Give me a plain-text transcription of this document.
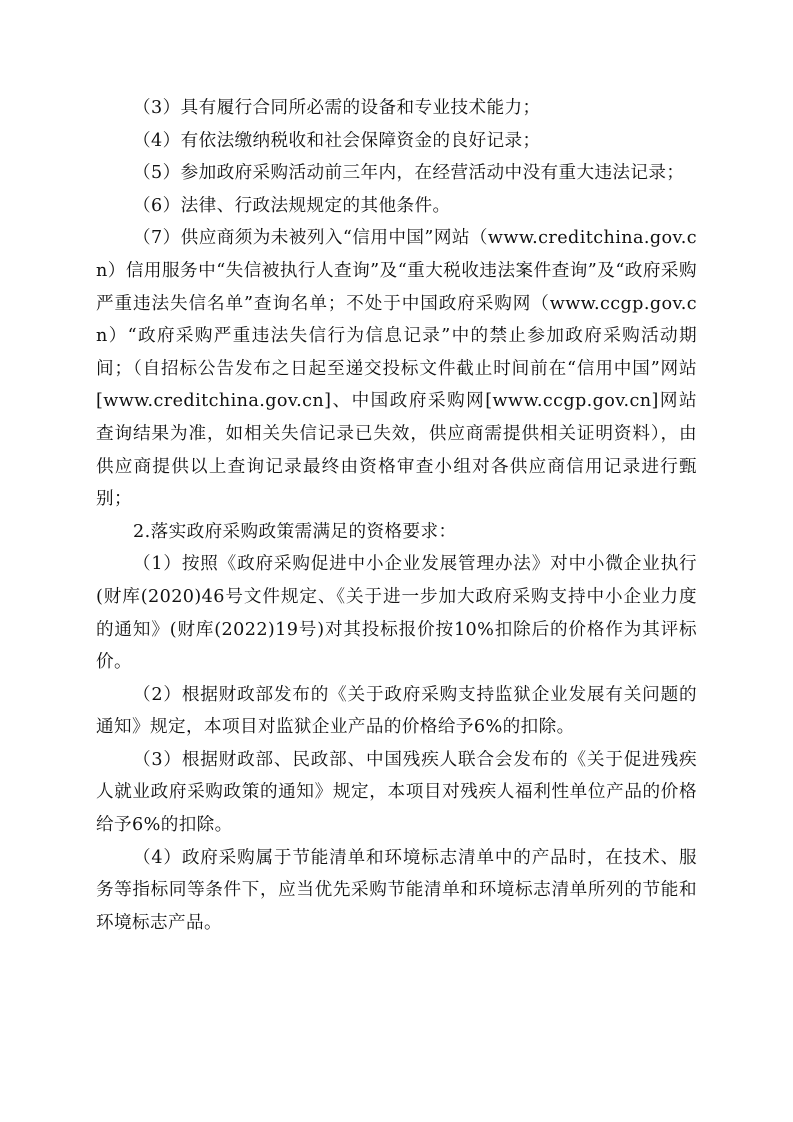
（3）具有履行合同所必需的设备和专业技术能力；

（4）有依法缴纳税收和社会保障资金的良好记录；

（5）参加政府采购活动前三年内，在经营活动中没有重大违法记录；

（6）法律、行政法规规定的其他条件。

（7）供应商须为未被列入“信用中国”网站（www.creditchina.gov.cn）信用服务中“失信被执行人查询”及“重大税收违法案件查询”及“政府采购严重违法失信名单”查询名单；不处于中国政府采购网（www.ccgp.gov.cn）“政府采购严重违法失信行为信息记录”中的禁止参加政府采购活动期间；（自招标公告发布之日起至递交投标文件截止时间前在“信用中国”网站[www.creditchina.gov.cn]、中国政府采购网[www.ccgp.gov.cn]网站查询结果为准，如相关失信记录已失效，供应商需提供相关证明资料），由供应商提供以上查询记录最终由资格审查小组对各供应商信用记录进行甄别；

2.落实政府采购政策需满足的资格要求：

（1）按照《政府采购促进中小企业发展管理办法》对中小微企业执行(财库(2020)46号文件规定、《关于进一步加大政府采购支持中小企业力度的通知》(财库(2022)19号)对其投标报价按10%扣除后的价格作为其评标价。

（2）根据财政部发布的《关于政府采购支持监狱企业发展有关问题的通知》规定，本项目对监狱企业产品的价格给予6%的扣除。

（3）根据财政部、民政部、中国残疾人联合会发布的《关于促进残疾人就业政府采购政策的通知》规定，本项目对残疾人福利性单位产品的价格给予6%的扣除。

（4）政府采购属于节能清单和环境标志清单中的产品时，在技术、服务等指标同等条件下，应当优先采购节能清单和环境标志清单所列的节能和环境标志产品。
